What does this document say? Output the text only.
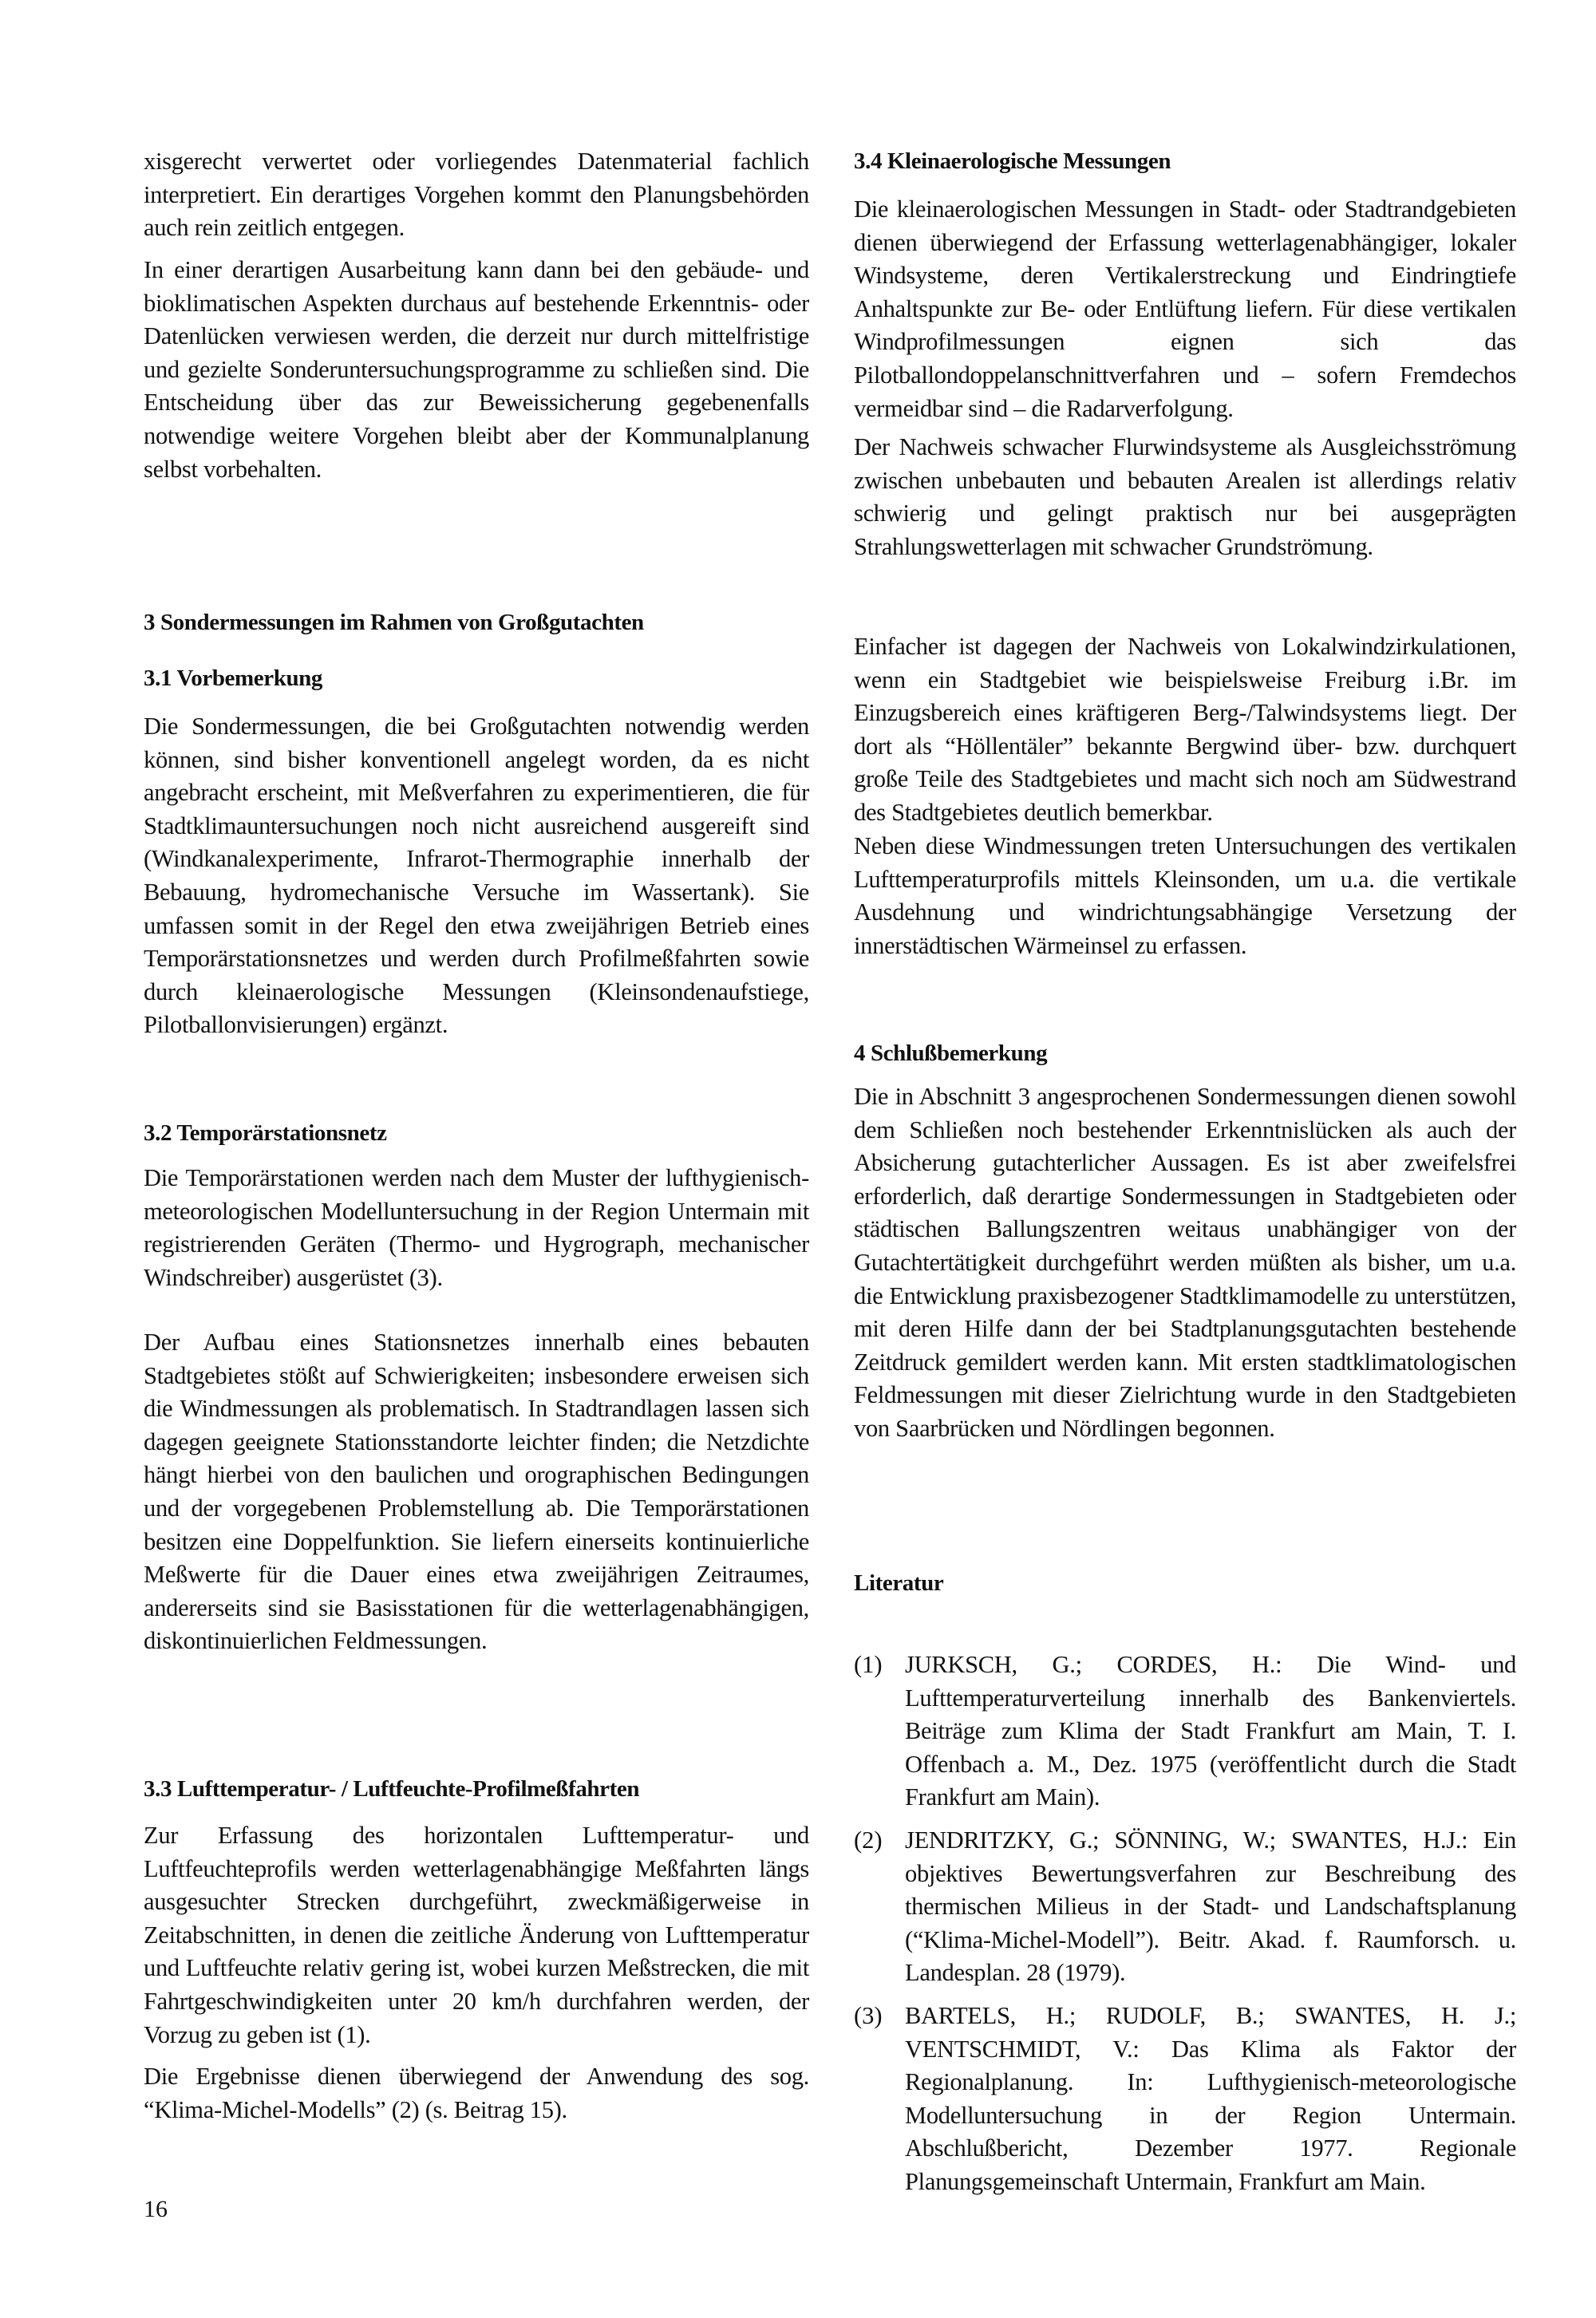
xisgerecht verwertet oder vorliegendes Datenmaterial fachlich interpretiert. Ein derartiges Vorgehen kommt den Planungsbehörden auch rein zeitlich entgegen.

In einer derartigen Ausarbeitung kann dann bei den gebäude- und bioklimatischen Aspekten durchaus auf bestehende Erkenntnis- oder Datenlücken verwiesen werden, die derzeit nur durch mittelfristige und gezielte Sonderuntersuchungsprogramme zu schließen sind. Die Entscheidung über das zur Beweissicherung gegebenenfalls notwendige weitere Vorgehen bleibt aber der Kommunalplanung selbst vorbehalten.

3 Sondermessungen im Rahmen von Großgutachten
3.1 Vorbemerkung

Die Sondermessungen, die bei Großgutachten notwendig werden können, sind bisher konventionell angelegt worden, da es nicht angebracht erscheint, mit Meßverfahren zu experimentieren, die für Stadtklimauntersuchungen noch nicht ausreichend ausgereift sind (Windkanalexperimente, Infrarot-Thermographie innerhalb der Bebauung, hydromechanische Versuche im Wassertank). Sie umfassen somit in der Regel den etwa zweijährigen Betrieb eines Temporärstationsnetzes und werden durch Profilmeßfahrten sowie durch kleinaerologische Messungen (Kleinsondenaufstiege, Pilotballonvisierungen) ergänzt.

3.2 Temporärstationsnetz

Die Temporärstationen werden nach dem Muster der lufthygienisch-meteorologischen Modelluntersuchung in der Region Untermain mit registrierenden Geräten (Thermo- und Hygrograph, mechanischer Windschreiber) ausgerüstet (3).

Der Aufbau eines Stationsnetzes innerhalb eines bebauten Stadtgebietes stößt auf Schwierigkeiten; insbesondere erweisen sich die Windmessungen als problematisch. In Stadtrandlagen lassen sich dagegen geeignete Stationsstandorte leichter finden; die Netzdichte hängt hierbei von den baulichen und orographischen Bedingungen und der vorgegebenen Problemstellung ab. Die Temporärstationen besitzen eine Doppelfunktion. Sie liefern einerseits kontinuierliche Meßwerte für die Dauer eines etwa zweijährigen Zeitraumes, andererseits sind sie Basisstationen für die wetterlagenabhängigen, diskontinuierlichen Feldmessungen.

3.3 Lufttemperatur- / Luftfeuchte-Profilmeßfahrten

Zur Erfassung des horizontalen Lufttemperatur- und Luftfeuchteprofils werden wetterlagenabhängige Meßfahrten längs ausgesuchter Strecken durchgeführt, zweckmäßigerweise in Zeitabschnitten, in denen die zeitliche Änderung von Lufttemperatur und Luftfeuchte relativ gering ist, wobei kurzen Meßstrecken, die mit Fahrtgeschwindigkeiten unter 20 km/h durchfahren werden, der Vorzug zu geben ist (1).

Die Ergebnisse dienen überwiegend der Anwendung des sog. “Klima-Michel-Modells” (2) (s. Beitrag 15).

16
3.4 Kleinaerologische Messungen

Die kleinaerologischen Messungen in Stadt- oder Stadtrandgebieten dienen überwiegend der Erfassung wetterlagenabhängiger, lokaler Windsysteme, deren Vertikalerstreckung und Eindringtiefe Anhaltspunkte zur Be- oder Entlüftung liefern. Für diese vertikalen Windprofilmessungen eignen sich das Pilotballondoppelanschnittverfahren und – sofern Fremdechos vermeidbar sind – die Radarverfolgung.

Der Nachweis schwacher Flurwindsysteme als Ausgleichsströmung zwischen unbebauten und bebauten Arealen ist allerdings relativ schwierig und gelingt praktisch nur bei ausgeprägten Strahlungswetterlagen mit schwacher Grundströmung.

Einfacher ist dagegen der Nachweis von Lokalwindzirkulationen, wenn ein Stadtgebiet wie beispielsweise Freiburg i.Br. im Einzugsbereich eines kräftigeren Berg-/Talwindsystems liegt. Der dort als “Höllentäler” bekannte Bergwind über- bzw. durchquert große Teile des Stadtgebietes und macht sich noch am Südwestrand des Stadtgebietes deutlich bemerkbar.

Neben diese Windmessungen treten Untersuchungen des vertikalen Lufttemperaturprofils mittels Kleinsonden, um u.a. die vertikale Ausdehnung und windrichtungsabhängige Versetzung der innerstädtischen Wärmeinsel zu erfassen.

4 Schlußbemerkung

Die in Abschnitt 3 angesprochenen Sondermessungen dienen sowohl dem Schließen noch bestehender Erkenntnislücken als auch der Absicherung gutachterlicher Aussagen. Es ist aber zweifelsfrei erforderlich, daß derartige Sondermessungen in Stadtgebieten oder städtischen Ballungszentren weitaus unabhängiger von der Gutachtertätigkeit durchgeführt werden müßten als bisher, um u.a. die Entwicklung praxisbezogener Stadtklimamodelle zu unterstützen, mit deren Hilfe dann der bei Stadtplanungsgutachten bestehende Zeitdruck gemildert werden kann. Mit ersten stadtklimatologischen Feldmessungen mit dieser Zielrichtung wurde in den Stadtgebieten von Saarbrücken und Nördlingen begonnen.

Literatur
(1) JURKSCH, G.; CORDES, H.: Die Wind- und Lufttemperaturverteilung innerhalb des Bankenviertels. Beiträge zum Klima der Stadt Frankfurt am Main, T. I. Offenbach a. M., Dez. 1975 (veröffentlicht durch die Stadt Frankfurt am Main).
(2) JENDRITZKY, G.; SÖNNING, W.; SWANTES, H.J.: Ein objektives Bewertungsverfahren zur Beschreibung des thermischen Milieus in der Stadt- und Landschaftsplanung (“Klima-Michel-Modell”). Beitr. Akad. f. Raumforsch. u. Landesplan. 28 (1979).
(3) BARTELS, H.; RUDOLF, B.; SWANTES, H. J.; VENTSCHMIDT, V.: Das Klima als Faktor der Regionalplanung. In: Lufthygienisch-meteorologische Modelluntersuchung in der Region Untermain. Abschlußbericht, Dezember 1977. Regionale Planungsgemeinschaft Untermain, Frankfurt am Main.
